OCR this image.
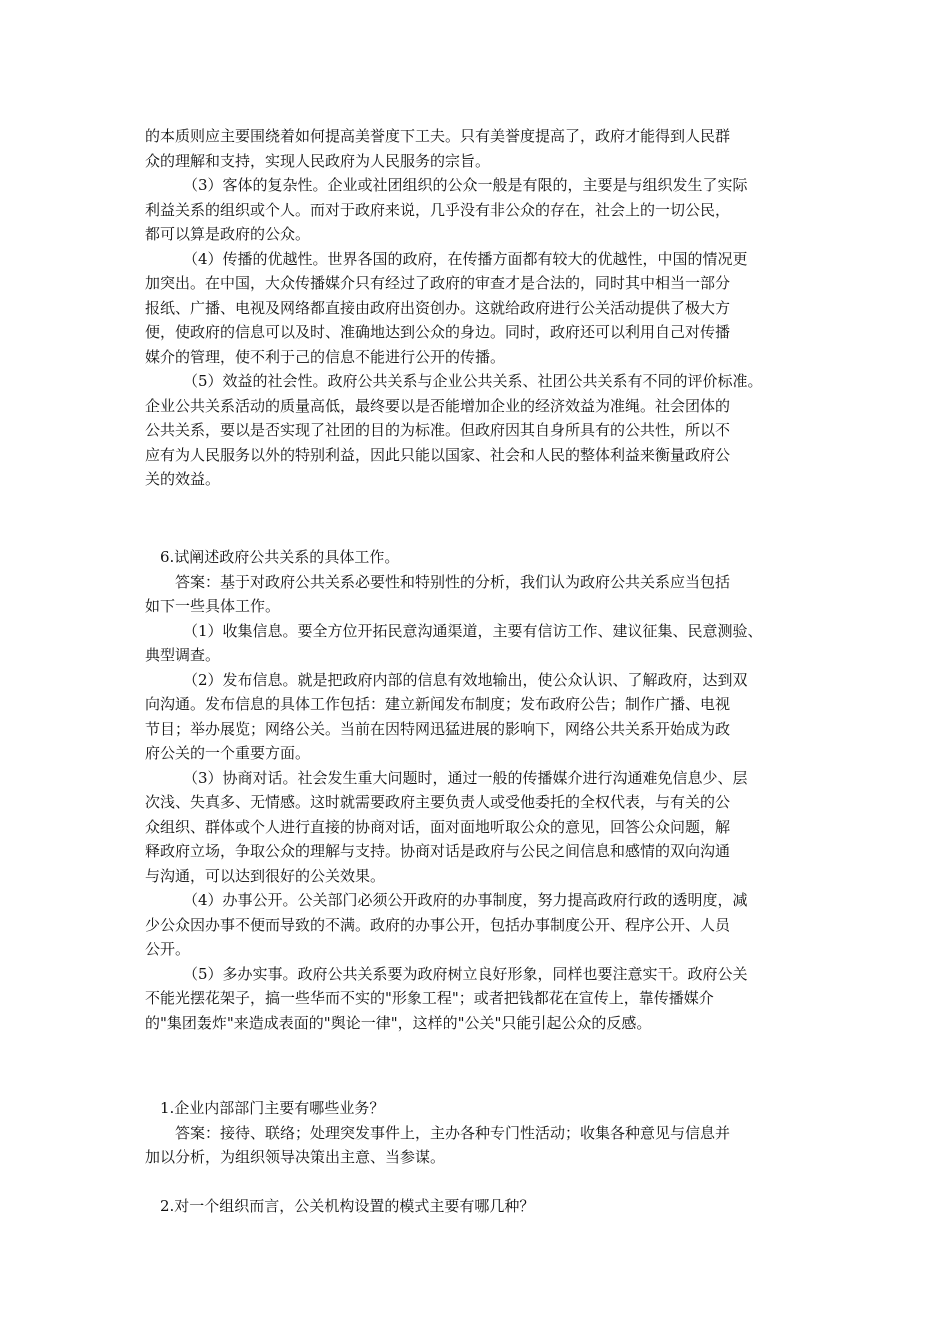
的本质则应主要围绕着如何提高美誉度下工夫。只有美誉度提高了，政府才能得到人民群
众的理解和支持，实现人民政府为人民服务的宗旨。
（3）客体的复杂性。企业或社团组织的公众一般是有限的，主要是与组织发生了实际
利益关系的组织或个人。而对于政府来说，几乎没有非公众的存在，社会上的一切公民，
都可以算是政府的公众。
（4）传播的优越性。世界各国的政府，在传播方面都有较大的优越性，中国的情况更
加突出。在中国，大众传播媒介只有经过了政府的审查才是合法的，同时其中相当一部分
报纸、广播、电视及网络都直接由政府出资创办。这就给政府进行公关活动提供了极大方
便，使政府的信息可以及时、准确地达到公众的身边。同时，政府还可以利用自己对传播
媒介的管理，使不利于己的信息不能进行公开的传播。
（5）效益的社会性。政府公共关系与企业公共关系、社团公共关系有不同的评价标准。
企业公共关系活动的质量高低，最终要以是否能增加企业的经济效益为准绳。社会团体的
公共关系，要以是否实现了社团的目的为标准。但政府因其自身所具有的公共性，所以不
应有为人民服务以外的特别利益，因此只能以国家、社会和人民的整体利益来衡量政府公
关的效益。
6.试阐述政府公共关系的具体工作。
答案：基于对政府公共关系必要性和特别性的分析，我们认为政府公共关系应当包括
如下一些具体工作。
（1）收集信息。要全方位开拓民意沟通渠道，主要有信访工作、建议征集、民意测验、
典型调查。
（2）发布信息。就是把政府内部的信息有效地输出，使公众认识、了解政府，达到双
向沟通。发布信息的具体工作包括：建立新闻发布制度；发布政府公告；制作广播、电视
节目；举办展览；网络公关。当前在因特网迅猛进展的影响下，网络公共关系开始成为政
府公关的一个重要方面。
（3）协商对话。社会发生重大问题时，通过一般的传播媒介进行沟通难免信息少、层
次浅、失真多、无情感。这时就需要政府主要负责人或受他委托的全权代表，与有关的公
众组织、群体或个人进行直接的协商对话，面对面地听取公众的意见，回答公众问题，解
释政府立场，争取公众的理解与支持。协商对话是政府与公民之间信息和感情的双向沟通
与沟通，可以达到很好的公关效果。
（4）办事公开。公关部门必须公开政府的办事制度，努力提高政府行政的透明度，减
少公众因办事不便而导致的不满。政府的办事公开，包括办事制度公开、程序公开、人员
公开。
（5）多办实事。政府公共关系要为政府树立良好形象，同样也要注意实干。政府公关
不能光摆花架子，搞一些华而不实的"形象工程"；或者把钱都花在宣传上，靠传播媒介
的"集团轰炸"来造成表面的"舆论一律"，这样的"公关"只能引起公众的反感。
1.企业内部部门主要有哪些业务？
答案：接待、联络；处理突发事件上，主办各种专门性活动；收集各种意见与信息并
加以分析，为组织领导决策出主意、当参谋。
2.对一个组织而言，公关机构设置的模式主要有哪几种？
